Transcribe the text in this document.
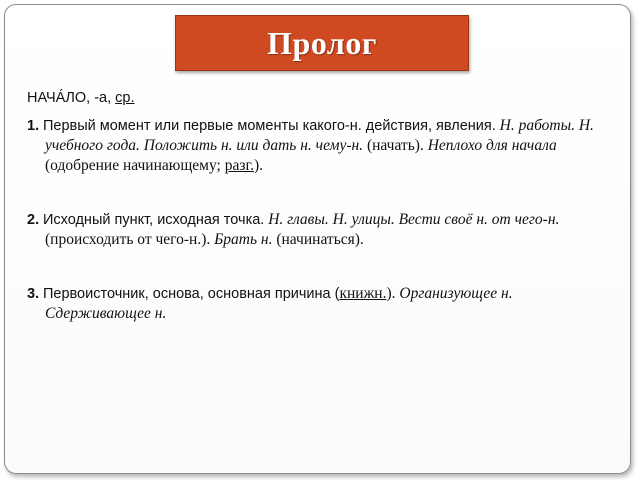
Пролог

НАЧА́ЛО, -а, ср.

1. Первый момент или первые моменты какого-н. действия, явления. Н. работы. Н. учебного года. Положить н. или дать н. чему-н. (начать). Неплохо для начала (одобрение начинающему; разг.).

2. Исходный пункт, исходная точка. Н. главы. Н. улицы. Вести своё н. от чего-н. (происходить от чего-н.). Брать н. (начинаться).

3. Первоисточник, основа, основная причина (книжн.). Организующее н. Сдерживающее н.
